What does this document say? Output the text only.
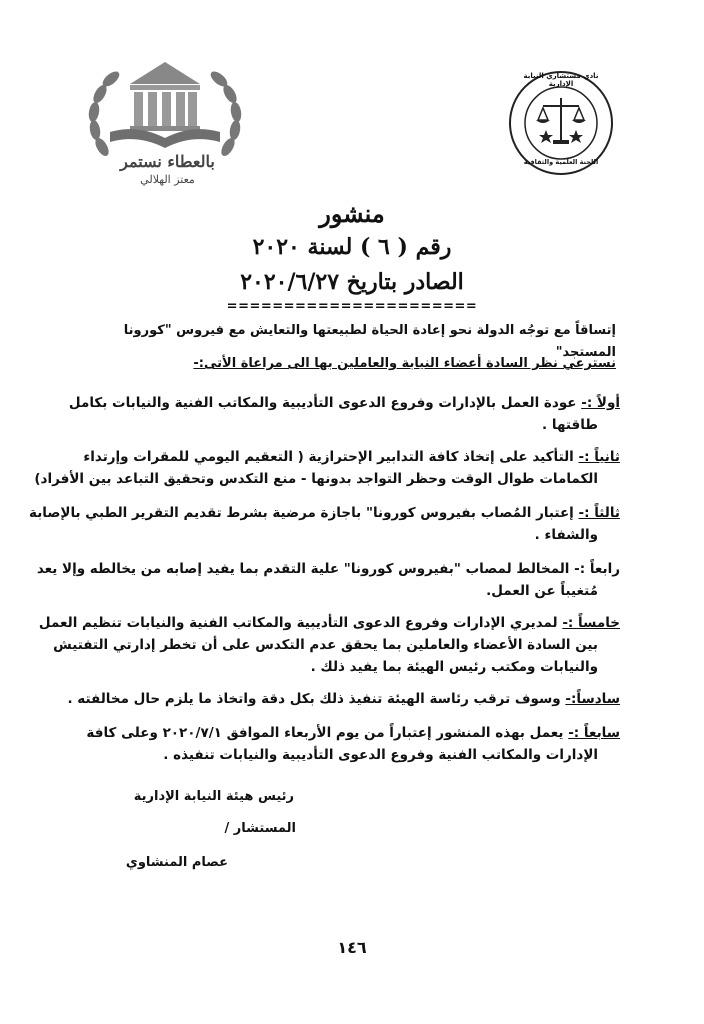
بالعطاء نستمر
معتز الهلالي
نادي مستشاري النيابة الإدارية
اللجنة العلمية والثقافية
منشور
رقم ( ٦ ) لسنة ٢٠٢٠
الصادر بتاريخ ٢٠٢٠/٦/٢٧
======================
إتساقاً مع توجُه الدولة نحو إعادة الحياة لطبيعتها والتعايش مع فيروس "كورونا المستجد"
نسترعي نظر السادة أعضاء النيابة والعاملين بها الى مراعاة الأتى:-
أولاً :- عودة العمل بالإدارات وفروع الدعوى التأديبية والمكاتب الفنية والنيابات بكامل
طاقتها .
ثانياً :- التأكيد على إتخاذ كافة التدابير الإحترازية ( التعقيم اليومي للمقرات وإرتداء
الكمامات طوال الوقت وحظر التواجد بدونها - منع التكدس وتحقيق التباعد بين الأفراد)
ثالثاً :- إعتبار المُصاب بفيروس كورونا" باجازة مرضية بشرط تقديم التقرير الطبي بالإصابة
والشفاء .
رابعاً :- المخالط لمصاب "بفيروس كورونا" علية التقدم بما يفيد إصابه من يخالطه وإلا يعد
مُتغيباً عن العمل.
خامساً :- لمديري الإدارات وفروع الدعوى التأديبية والمكاتب الفنية والنيابات تنظيم العمل
بين السادة الأعضاء والعاملين بما يحقق عدم التكدس على أن تخطر إدارتي التفتيش
والنيابات ومكتب رئيس الهيئة بما يفيد ذلك .
سادساً:- وسوف ترقب رئاسة الهيئة تنفيذ ذلك بكل دقة واتخاذ ما يلزم حال مخالفته .
سابعاً :- يعمل بهذه المنشور إعتباراً من يوم الأربعاء الموافق ٢٠٢٠/٧/١ وعلى كافة
الإدارات والمكاتب الفنية وفروع الدعوى التأديبية والنيابات تنفيذه .
رئيس هيئة النيابة الإدارية
المستشار /
عصام المنشاوي
١٤٦
